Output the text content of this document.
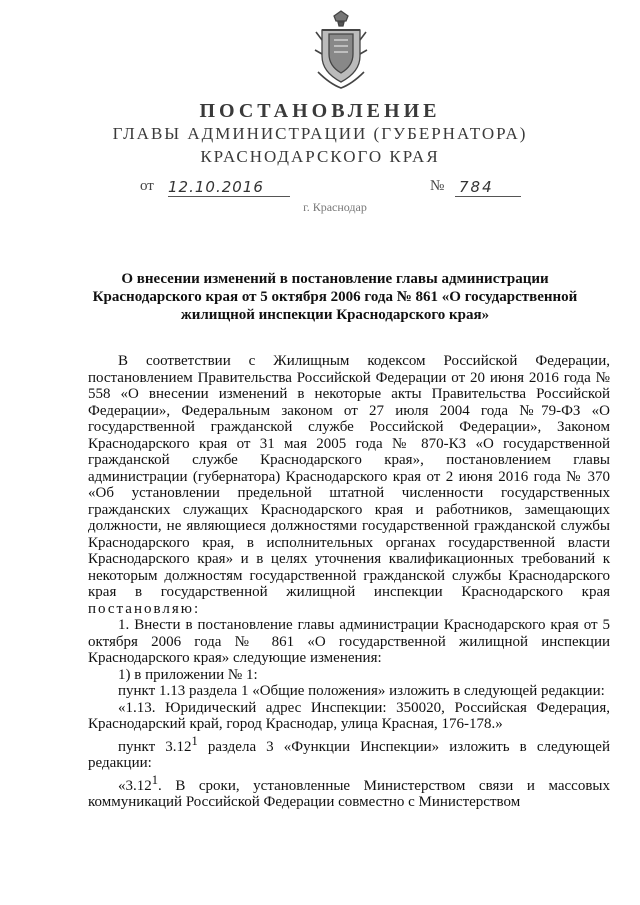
ПОСТАНОВЛЕНИЕ
ГЛАВЫ АДМИНИСТРАЦИИ (ГУБЕРНАТОРА)
КРАСНОДАРСКОГО КРАЯ
от 12.10.2016	№ 784
г. Краснодар
О внесении изменений в постановление главы администрации Краснодарского края от 5 октября 2006 года № 861 «О государственной жилищной инспекции Краснодарского края»

В соответствии с Жилищным кодексом Российской Федерации, постановлением Правительства Российской Федерации от 20 июня 2016 года № 558 «О внесении изменений в некоторые акты Правительства Российской Федерации», Федеральным законом от 27 июля 2004 года №79-ФЗ «О государственной гражданской службе Российской Федерации», Законом Краснодарского края от 31 мая 2005 года № 870-КЗ «О государственной гражданской службе Краснодарского края», постановлением главы администрации (губернатора) Краснодарского края от 2 июня 2016 года № 370 «Об установлении предельной штатной численности государственных гражданских служащих Краснодарского края и работников, замещающих должности, не являющиеся должностями государственной гражданской службы Краснодарского края, в исполнительных органах государственной власти Краснодарского края» и в целях уточнения квалификационных требований к некоторым должностям государственной гражданской службы Краснодарского края в государственной жилищной инспекции Краснодарского края постановляю:

1. Внести в постановление главы администрации Краснодарского края от 5 октября 2006 года № 861 «О государственной жилищной инспекции Краснодарского края» следующие изменения:

1) в приложении № 1:

пункт 1.13 раздела 1 «Общие положения» изложить в следующей редакции:

«1.13. Юридический адрес Инспекции: 350020, Российская Федерация, Краснодарский край, город Краснодар, улица Красная, 176-178.»

пункт 3.12$^1$ раздела 3 «Функции Инспекции» изложить в следующей редакции:

«3.12$^1$. В сроки, установленные Министерством связи и массовых коммуникаций Российской Федерации совместно с Министерством
